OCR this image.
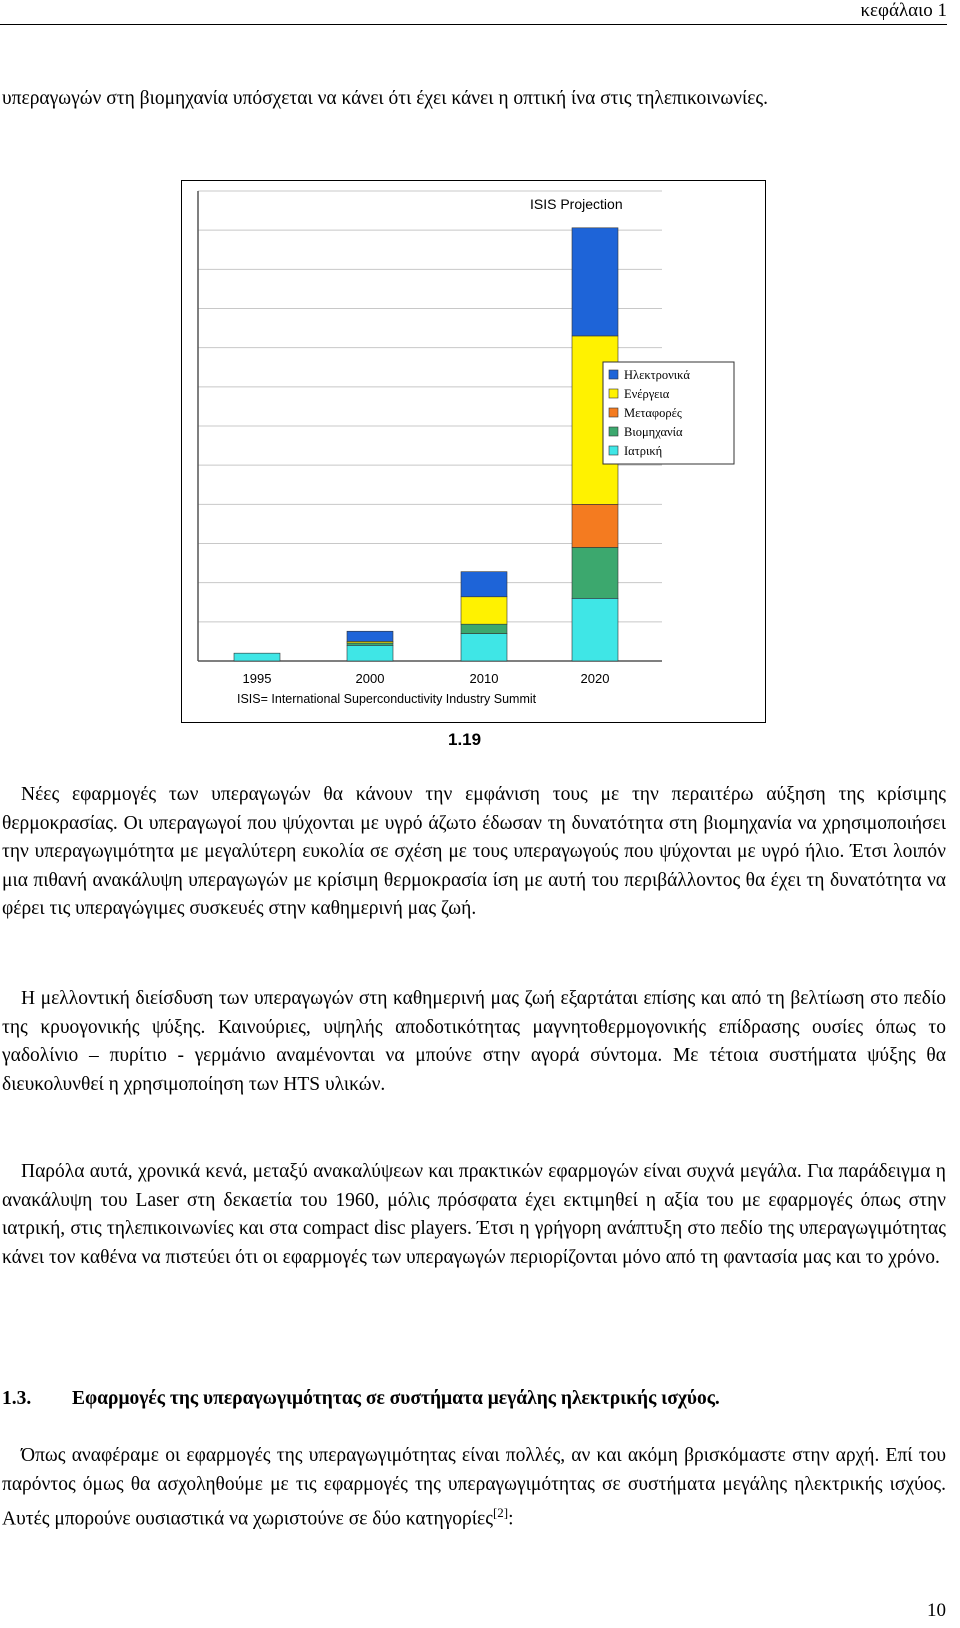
κεφάλαιο 1

υπεραγωγών στη βιομηχανία υπόσχεται να κάνει ότι έχει κάνει η οπτική ίνα στις τηλεπικοινωνίες.

1995	2000	2010	2020
ISIS Projection
ISIS= International Superconductivity Industry Summit
Ηλεκτρονικά
Ενέργεια
Μεταφορές
Βιομηχανία
Ιατρική
1.19

Νέες εφαρμογές των υπεραγωγών θα κάνουν την εμφάνιση τους με την περαιτέρω αύξηση της κρίσιμης θερμοκρασίας. Οι υπεραγωγοί που ψύχονται με υγρό άζωτο έδωσαν τη δυνατότητα στη βιομηχανία να χρησιμοποιήσει την υπεραγωγιμότητα με μεγαλύτερη ευκολία σε σχέση με τους υπεραγωγούς που ψύχονται με υγρό ήλιο. Έτσι λοιπόν μια πιθανή ανακάλυψη υπεραγωγών με κρίσιμη θερμοκρασία ίση με αυτή του περιβάλλοντος θα έχει τη δυνατότητα να φέρει τις υπεραγώγιμες συσκευές στην καθημερινή μας ζωή.

Η μελλοντική διείσδυση των υπεραγωγών στη καθημερινή μας ζωή εξαρτάται επίσης και από τη βελτίωση στο πεδίο της κρυογονικής ψύξης. Καινούριες, υψηλής αποδοτικότητας μαγνητοθερμογονικής επίδρασης ουσίες όπως το γαδολίνιο – πυρίτιο - γερμάνιο αναμένονται να μπούνε στην αγορά σύντομα. Με τέτοια συστήματα ψύξης θα διευκολυνθεί η χρησιμοποίηση των HTS υλικών.

Παρόλα αυτά, χρονικά κενά, μεταξύ ανακαλύψεων και πρακτικών εφαρμογών είναι συχνά μεγάλα. Για παράδειγμα η ανακάλυψη του Laser στη δεκαετία του 1960, μόλις πρόσφατα έχει εκτιμηθεί η αξία του με εφαρμογές όπως στην ιατρική, στις τηλεπικοινωνίες και στα compact disc players. Έτσι η γρήγορη ανάπτυξη στο πεδίο της υπεραγωγιμότητας κάνει τον καθένα να πιστεύει ότι οι εφαρμογές των υπεραγωγών περιορίζονται μόνο από τη φαντασία μας και το χρόνο.

1.3. Εφαρμογές της υπεραγωγιμότητας σε συστήματα μεγάλης ηλεκτρικής ισχύος.

Όπως αναφέραμε οι εφαρμογές της υπεραγωγιμότητας είναι πολλές, αν και ακόμη βρισκόμαστε στην αρχή. Επί του παρόντος όμως θα ασχοληθούμε με τις εφαρμογές της υπεραγωγιμότητας σε συστήματα μεγάλης ηλεκτρικής ισχύος. Αυτές μπορούνε ουσιαστικά να χωριστούνε σε δύο κατηγορίες[2]:

10
